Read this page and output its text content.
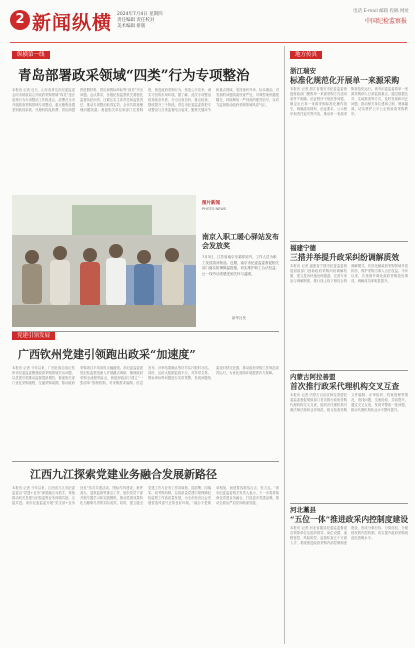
2 新闻纵横 2024年7月4日 星期四
责任编辑 责任校对
美术编辑 排版
电话 E-mail 邮箱 投稿 网址
中国纪检监察报
纵横第一线
青岛部署政采领域“四类”行为专项整治
本报讯 记者 近日，山东省青岛市纪委监委会同市财政局召开政府采购领域“四类”违法违规行为专项整治工作推进会，部署在全市开展政府采购领域专项整治，重点聚焦设置差别歧视条款、代理机构乱收费、供应商提供虚假材料、供应商围标串标等“四类”突出问题。会议要求，各级纪检监察机关要强化监督执纪问责，压紧压实主体责任和监管责任，推动专项整治取得实效。全市共排查梳理问题线索，督促相关单位和部门完善制度，规范政府采购行为，营造公平竞争、诚实守信的市场环境。据了解，此次专项整治将持续至年底，分为自查自纠、重点检查、整改提升三个阶段。青岛市纪委监委将把专项整治与日常监督结合起来，聚焦关键环节和重点领域，坚持查纠并举、标本兼治，对发现的问题线索快查严处，对典型案例通报曝光，持续释放一严到底的强烈信号，以有力监督推动政府采购领域风清气正。
图片新闻
PHOTO NEWS
南京入职工暖心驿站发布会发放奖
7月3日，江苏省南京市某驿站内，工作人员为职工发放清凉物品。近期，南京市纪委监委督促相关部门落实防暑降温措施，切实维护职工合法权益，让一线劳动者感受到关怀与温暖。
新华社发
党建引领发展
广西钦州党建引领跑出政采“加速度”
本报讯 记者 今年以来，广西壮族自治区钦州市纪委监委聚焦政府采购领域突出问题，以党建引领推动监督提质增效，督促相关部门优化采购流程、压缩采购周期，推动政府采购项目平均用时大幅缩短。市纪委监委派驻纪检监察组深入开展蹲点调研，梳理政府采购全流程风险点，督促财政部门建立“一张清单”管理机制，对采购需求编制、信息发布、评审结果确认等环节实行限时办结。同时，运用大数据监督平台，对异常交易、围标串标等问题进行实时预警，发现问题线索及时移交处置，推动政府采购工作规范高效运行，为优化营商环境提供有力保障。
江西九江探索党建业务融合发展新路径
本报讯 记者 今年以来，江西省九江市纪委监委以“党建+业务”深度融合为抓手，持续推动机关党建与纪检监察业务同频共振、互促共进。该市纪委监委开展“党支部+业务处室”结对共建活动，围标作风建设、案件查办、巡察监督等重点工作，组织党员干部开展专题学习和实践锻炼，推动党建成果转化为履职尽责的实际成效。同时，建立健全党建工作与业务工作同谋划、同部署、同落实、同考核机制，以高质量党建引领保障纪检监察工作高质量发展，为全市经济社会发展营造风清气正的良好环境。“融合不是简单相加，而是要找准结合点、发力点。”该市纪委监委相关负责人表示，下一步将持续深化党建业务融合，打造更多党建品牌，推动全面从严治党向纵深发展。
地方传真
浙江瑞安
标准化规范化开展单一来源采购
本报讯 记者 浙江省瑞安市纪委监委督促财政部门聚焦单一来源采购方式适用条件不明确、论证程序不规范等问题，制定出台单一来源采购标准化操作指引，明确适用情形、论证要求、公示程序和责任追究等内容，推动单一来源采购规范化运行。该市纪委监委将单一来源采购纳入日常监督重点，通过数据比对、实地核查等方式，及时发现和纠正问题，推动相关单位建章立制、堵塞漏洞，切实维护公平公正的政府采购秩序。
福建宁德
三措并举提升政采纠纷调解质效
本报讯 记者 福建省宁德市纪委监委督促财政部门创新政府采购纠纷调解机制，建立投诉快速处理通道，完善专家参与调解制度，推行线上线下相结合的调解模式，有效化解政府采购领域矛盾纠纷，维护采购当事人合法权益。今年以来，共受理并调处政府采购投诉事项，调解成功率明显提升。
内蒙古阿拉善盟
首次推行政采代理机构交叉互查
本报讯 记者 内蒙古自治区阿拉善盟纪委监委督促财政部门首次推行政府采购代理机构交叉互查，组织各代理机构对照法律法规和业务规范，相互检查采购文件编制、评审组织、档案管理等情况，查找问题、交流经验、共同提升。通过交叉互查，发现并整改一批问题，推动代理机构执业水平整体提升。
河北藁县
“五位一体”推进政采内控制度建设
本报讯 记者 河北省藁县纪委监委督促各预算单位从组织领导、岗位设置、流程管控、风险防控、监督检查五个方面入手，系统推进政府采购内部控制制度建设，形成分事行权、分岗设权、分级授权的内控机制，切实提升政府采购规范化管理水平。
